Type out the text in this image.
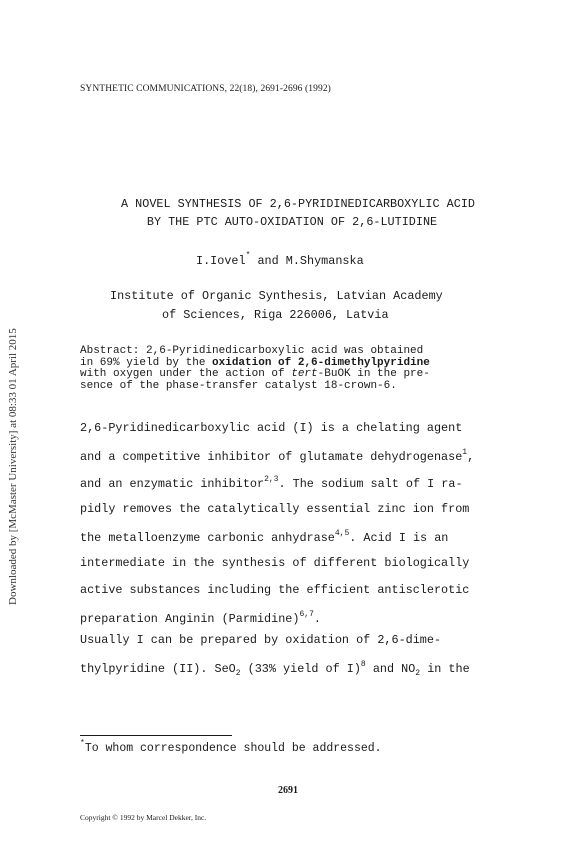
SYNTHETIC COMMUNICATIONS, 22(18), 2691-2696 (1992)
A NOVEL SYNTHESIS OF 2,6-PYRIDINEDICARBOXYLIC ACID
BY THE PTC AUTO-OXIDATION OF 2,6-LUTIDINE
I.Iovel* and M.Shymanska
Institute of Organic Synthesis, Latvian Academy
of Sciences, Riga 226006, Latvia
Abstract: 2,6-Pyridinedicarboxylic acid was obtained
in 69% yield by the oxidation of 2,6-dimethylpyridine
with oxygen under the action of tert-BuOK in the pre-
sence of the phase-transfer catalyst 18-crown-6.
2,6-Pyridinedicarboxylic acid (I) is a chelating agent
and a competitive inhibitor of glutamate dehydrogenase$^1$,
and an enzymatic inhibitor$^{2,3}$. The sodium salt of I ra-
pidly removes the catalytically essential zinc ion from
the metalloenzyme carbonic anhydrase$^{4,5}$. Acid I is an
intermediate in the synthesis of different biologically
active substances including the efficient antisclerotic
preparation Anginin (Parmidine)$^{6,7}$.
Usually I can be prepared by oxidation of 2,6-dime-
thylpyridine (II). SeO$_2$ (33% yield of I)$^8$ and $NO_2$ in the
*To whom correspondence should be addressed.
2691
Copyright © 1992 by Marcel Dekker, Inc.
Downloaded by [McMaster University] at 08:33 01 April 2015
